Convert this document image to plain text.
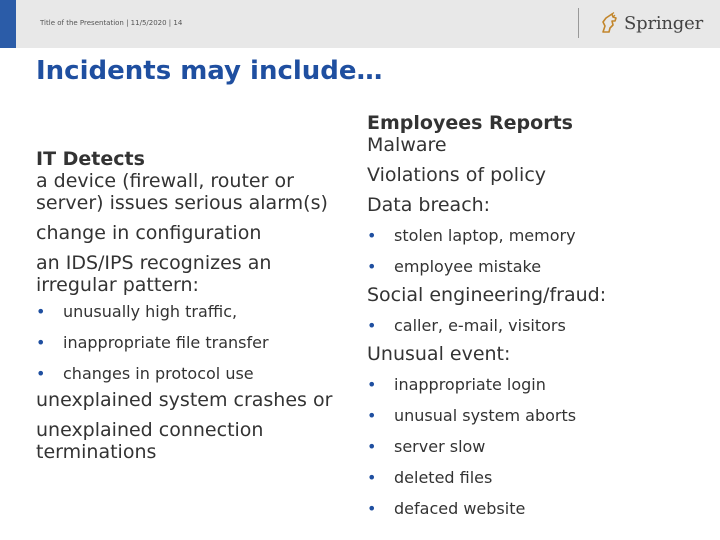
Title of the Presentation | 11/5/2020 | 14	Springer
Incidents may include…
IT Detects
a device (firewall, router or
server) issues serious alarm(s)
change in configuration
an IDS/IPS recognizes an
irregular pattern:
• unusually high traffic,
• inappropriate file transfer
• changes in protocol use
unexplained system crashes or
unexplained connection
terminations
Employees Reports
Malware
Violations of policy
Data breach:
• stolen laptop, memory
• employee mistake
Social engineering/fraud:
• caller, e-mail, visitors
Unusual event:
• inappropriate login
• unusual system aborts
• server slow
• deleted files
• defaced website
